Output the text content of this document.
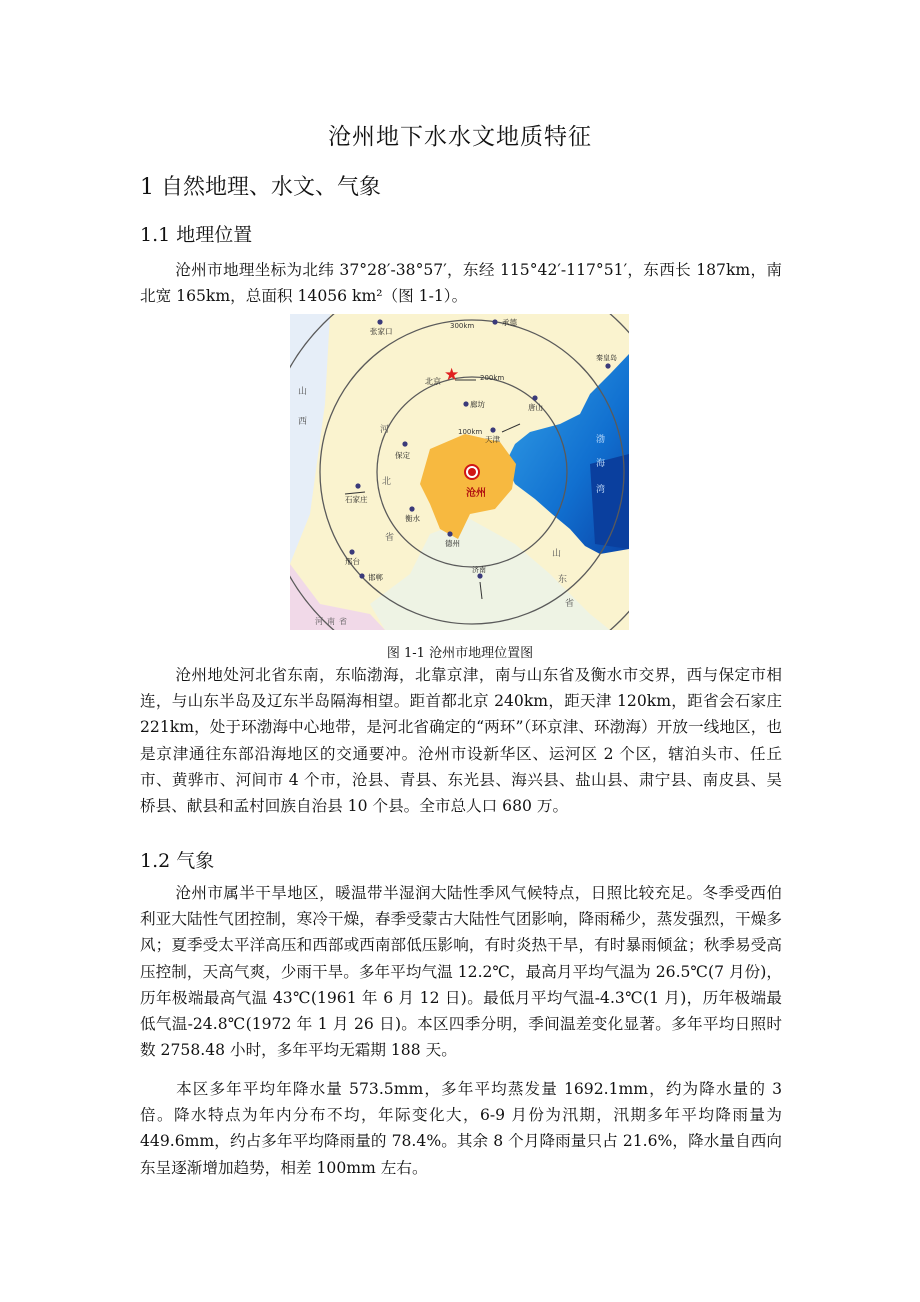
沧州地下水水文地质特征
1 自然地理、水文、气象
1.1 地理位置

沧州市地理坐标为北纬 37°28′-38°57′，东经 115°42′-117°51′，东西长 187km，南北宽 165km，总面积 14056 km²（图 1-1）。

100km
200km
300km
★
北京
张家口
承德
秦皇岛
唐山
廊坊
天津
保定
石家庄
衡水
德州
邢台
邯郸
济南
山
西
河
北
省
山
东
省
河 南 省
渤
海
湾
沧州
图 1-1 沧州市地理位置图

沧州地处河北省东南，东临渤海，北靠京津，南与山东省及衡水市交界，西与保定市相连，与山东半岛及辽东半岛隔海相望。距首都北京 240km，距天津 120km，距省会石家庄 221km，处于环渤海中心地带，是河北省确定的“两环”（环京津、环渤海）开放一线地区，也是京津通往东部沿海地区的交通要冲。沧州市设新华区、运河区 2 个区，辖泊头市、任丘市、黄骅市、河间市 4 个市，沧县、青县、东光县、海兴县、盐山县、肃宁县、南皮县、吴桥县、献县和孟村回族自治县 10 个县。全市总人口 680 万。

1.2 气象

沧州市属半干旱地区，暖温带半湿润大陆性季风气候特点，日照比较充足。冬季受西伯利亚大陆性气团控制，寒冷干燥，春季受蒙古大陆性气团影响，降雨稀少，蒸发强烈，干燥多风；夏季受太平洋高压和西部或西南部低压影响，有时炎热干旱，有时暴雨倾盆；秋季易受高压控制，天高气爽，少雨干旱。多年平均气温 12.2℃，最高月平均气温为 26.5℃(7 月份)，历年极端最高气温 43℃(1961 年 6 月 12 日)。最低月平均气温-4.3℃(1 月)，历年极端最低气温-24.8℃(1972 年 1 月 26 日)。本区四季分明，季间温差变化显著。多年平均日照时数 2758.48 小时，多年平均无霜期 188 天。

本区多年平均年降水量 573.5mm，多年平均蒸发量 1692.1mm，约为降水量的 3 倍。降水特点为年内分布不均，年际变化大，6-9 月份为汛期，汛期多年平均降雨量为 449.6mm，约占多年平均降雨量的 78.4%。其余 8 个月降雨量只占 21.6%，降水量自西向东呈逐渐增加趋势，相差 100mm 左右。
